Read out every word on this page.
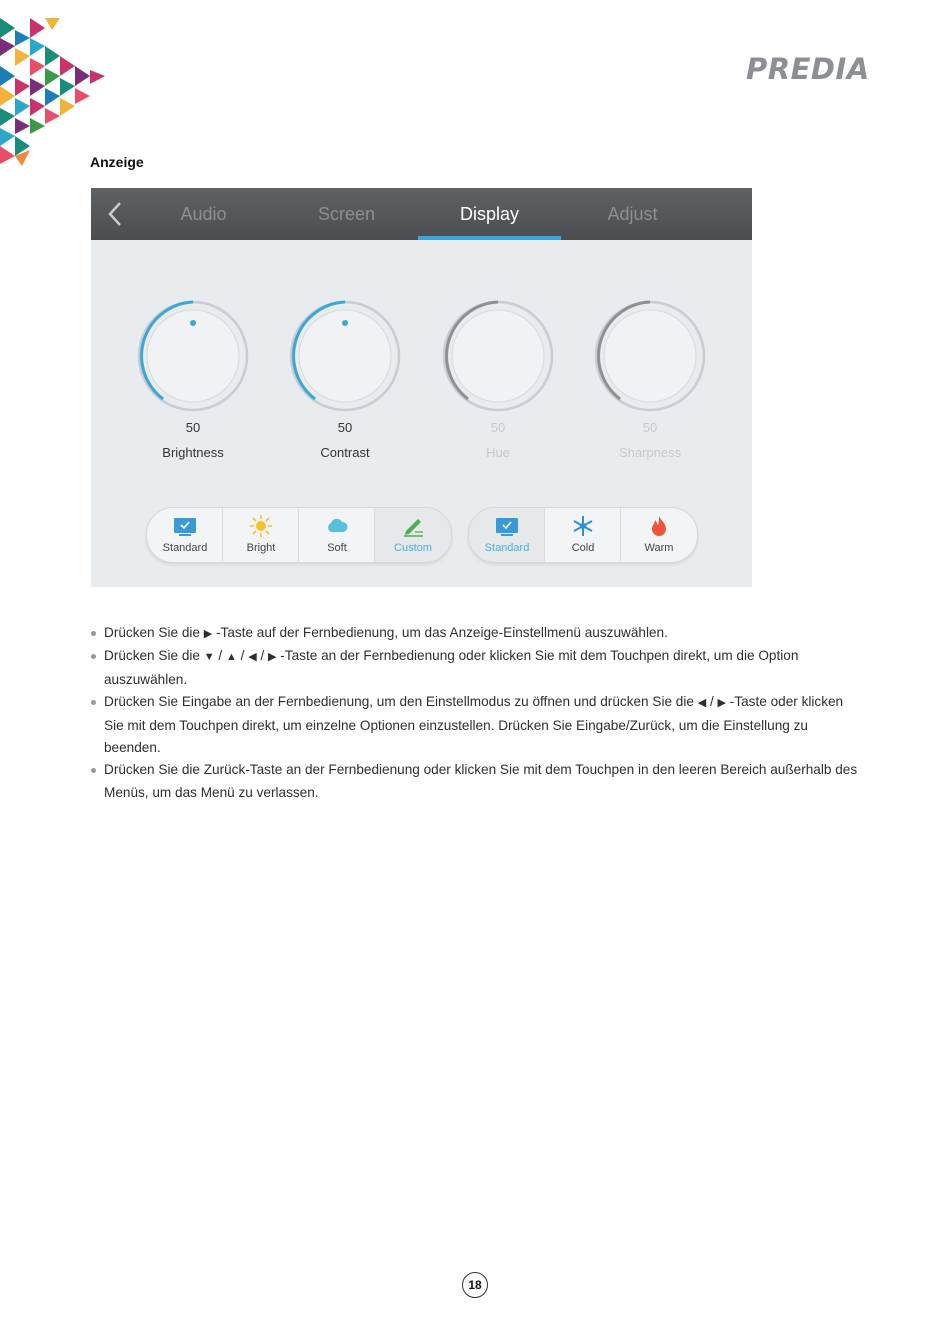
PREDIA
Anzeige
Audio	Screen	Display	Adjust
50
Brightness
50
Contrast
50
Hue
50
Sharpness
Standard	Bright	Soft	Custom	Standard	Cold	Warm
Drücken Sie die ▶ -Taste auf der Fernbedienung, um das Anzeige-Einstellmenü auszuwählen.
Drücken Sie die ▼ / ▲ / ◀ / ▶ -Taste an der Fernbedienung oder klicken Sie mit dem Touchpen direkt, um die Option auszuwählen.
Drücken Sie Eingabe an der Fernbedienung, um den Einstellmodus zu öffnen und drücken Sie die ◀ / ▶ -Taste oder klicken Sie mit dem Touchpen direkt, um einzelne Optionen einzustellen. Drücken Sie Eingabe/Zurück, um die Einstellung zu beenden.
Drücken Sie die Zurück-Taste an der Fernbedienung oder klicken Sie mit dem Touchpen in den leeren Bereich außerhalb des Menüs, um das Menü zu verlassen.
18
